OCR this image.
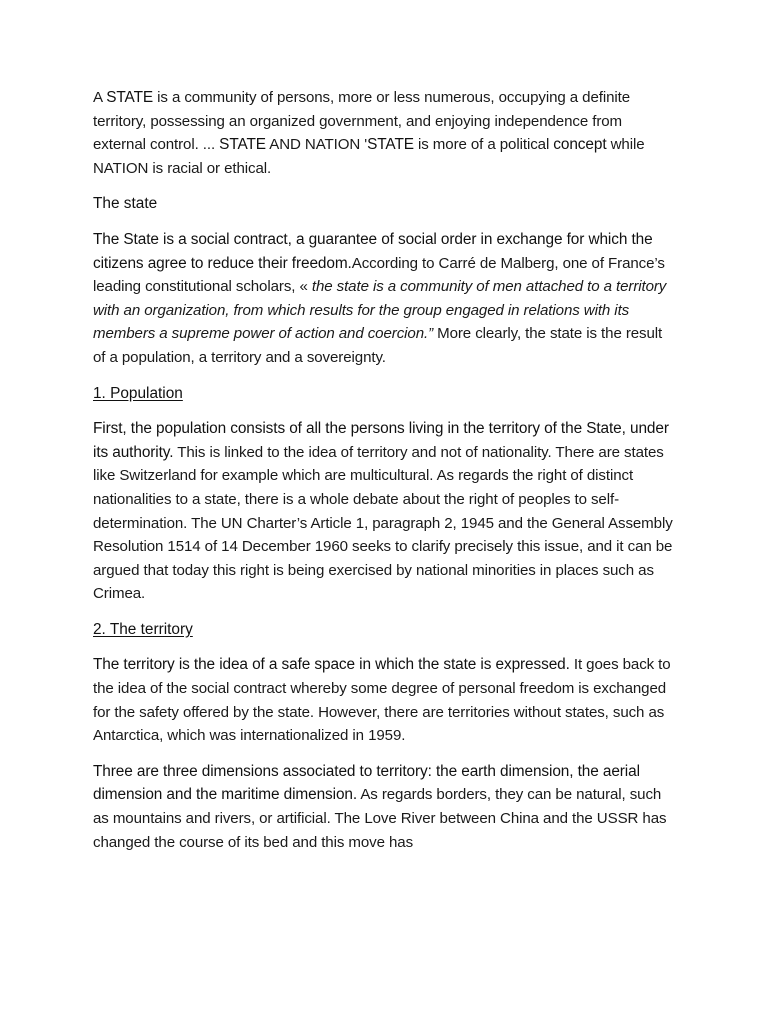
A STATE is a community of persons, more or less numerous, occupying a definite territory, possessing an organized government, and enjoying independence from external control. ... STATE AND NATION 'STATE is more of a political concept while NATION is racial or ethical.

The state

The State is a social contract, a guarantee of social order in exchange for which the citizens agree to reduce their freedom.According to Carré de Malberg, one of France’s leading constitutional scholars, « the state is a community of men attached to a territory with an organization, from which results for the group engaged in relations with its members a supreme power of action and coercion.” More clearly, the state is the result of a population, a territory and a sovereignty.

1. Population

First, the population consists of all the persons living in the territory of the State, under its authority. This is linked to the idea of territory and not of nationality. There are states like Switzerland for example which are multicultural. As regards the right of distinct nationalities to a state, there is a whole debate about the right of peoples to self-determination. The UN Charter’s Article 1, paragraph 2, 1945 and the General Assembly Resolution 1514 of 14 December 1960 seeks to clarify precisely this issue, and it can be argued that today this right is being exercised by national minorities in places such as Crimea.

2. The territory

The territory is the idea of a safe space in which the state is expressed. It goes back to the idea of the social contract whereby some degree of personal freedom is exchanged for the safety offered by the state. However, there are territories without states, such as Antarctica, which was internationalized in 1959.

Three are three dimensions associated to territory: the earth dimension, the aerial dimension and the maritime dimension. As regards borders, they can be natural, such as mountains and rivers, or artificial. The Love River between China and the USSR has changed the course of its bed and this move has
